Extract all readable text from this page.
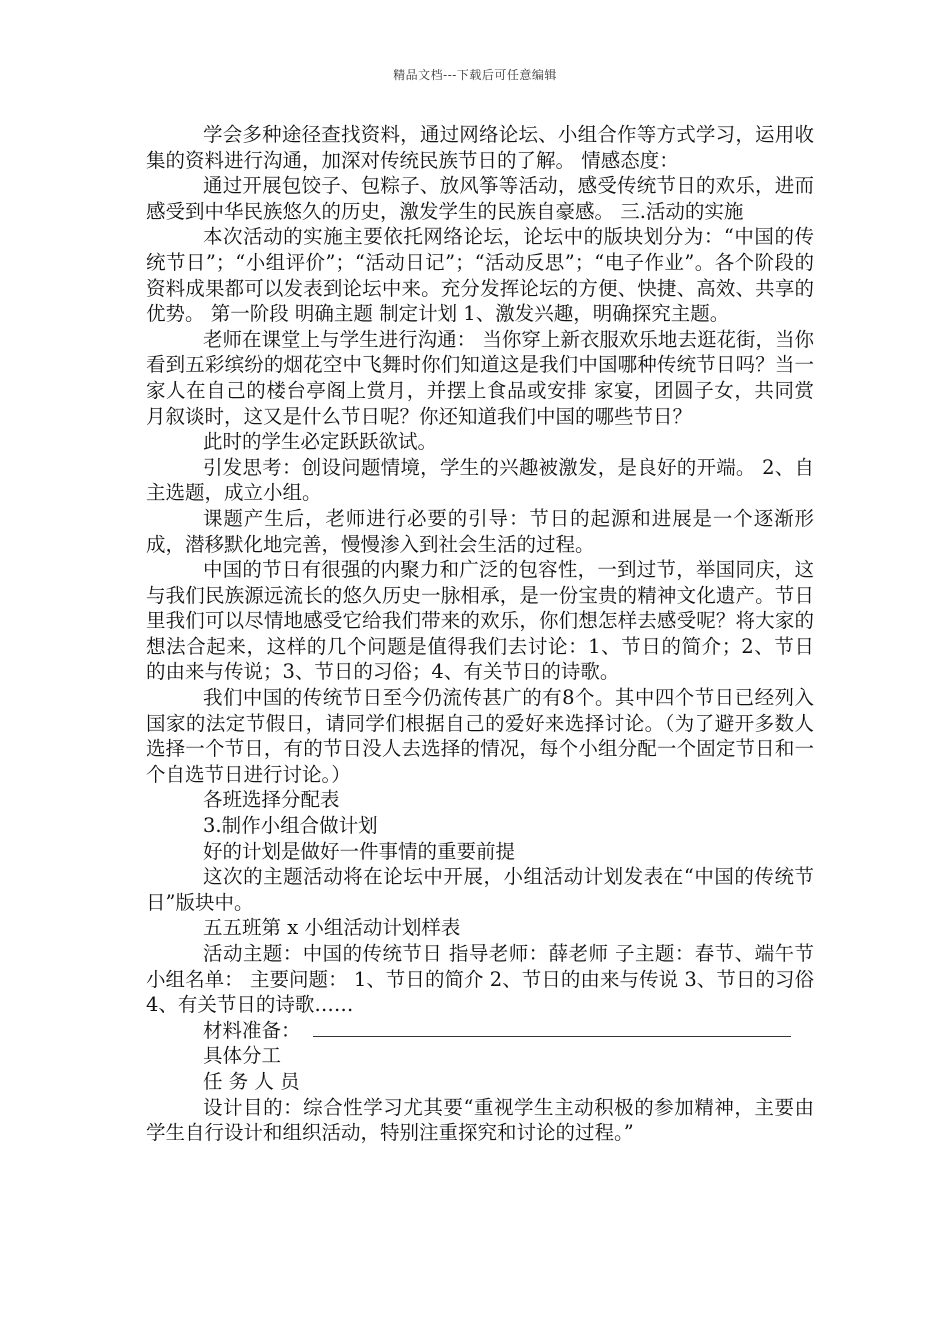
精品文档---下载后可任意编辑

学会多种途径查找资料，通过网络论坛、小组合作等方式学习，运用收集的资料进行沟通，加深对传统民族节日的了解。 情感态度：

通过开展包饺子、包粽子、放风筝等活动，感受传统节日的欢乐，进而感受到中华民族悠久的历史，激发学生的民族自豪感。 三.活动的实施

本次活动的实施主要依托网络论坛，论坛中的版块划分为：“中国的传统节日”；“小组评价”；“活动日记”；“活动反思”；“电子作业”。各个阶段的资料成果都可以发表到论坛中来。充分发挥论坛的方便、快捷、高效、共享的优势。 第一阶段 明确主题 制定计划 1、激发兴趣，明确探究主题。

老师在课堂上与学生进行沟通： 当你穿上新衣服欢乐地去逛花街，当你看到五彩缤纷的烟花空中飞舞时你们知道这是我们中国哪种传统节日吗？当一家人在自己的楼台亭阁上赏月，并摆上食品或安排 家宴，团圆子女，共同赏月叙谈时，这又是什么节日呢？你还知道我们中国的哪些节日？

此时的学生必定跃跃欲试。

引发思考：创设问题情境，学生的兴趣被激发，是良好的开端。 2、自主选题，成立小组。

课题产生后，老师进行必要的引导：节日的起源和进展是一个逐渐形成，潜移默化地完善，慢慢渗入到社会生活的过程。

中国的节日有很强的内聚力和广泛的包容性，一到过节，举国同庆，这与我们民族源远流长的悠久历史一脉相承，是一份宝贵的精神文化遗产。节日里我们可以尽情地感受它给我们带来的欢乐，你们想怎样去感受呢？将大家的想法合起来，这样的几个问题是值得我们去讨论：1、节日的简介；2、节日的由来与传说；3、节日的习俗；4、有关节日的诗歌。

我们中国的传统节日至今仍流传甚广的有8个。其中四个节日已经列入国家的法定节假日，请同学们根据自己的爱好来选择讨论。（为了避开多数人选择一个节日，有的节日没人去选择的情况，每个小组分配一个固定节日和一个自选节日进行讨论。）

各班选择分配表

3.制作小组合做计划

好的计划是做好一件事情的重要前提

这次的主题活动将在论坛中开展，小组活动计划发表在“中国的传统节日”版块中。

五五班第 x 小组活动计划样表

活动主题：中国的传统节日 指导老师：薛老师 子主题：春节、端午节 小组名单： 主要问题： 1、节日的简介 2、节日的由来与传说 3、节日的习俗 4、有关节日的诗歌……

材料准备：

具体分工

任 务 人 员

设计目的：综合性学习尤其要“重视学生主动积极的参加精神，主要由学生自行设计和组织活动，特别注重探究和讨论的过程。”
